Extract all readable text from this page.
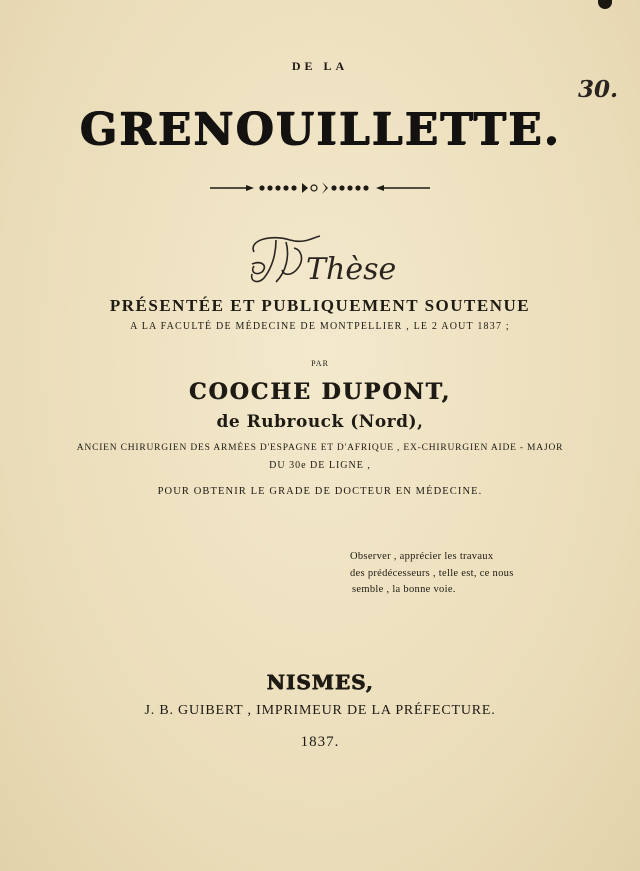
30.
DE LA
GRENOUILLETTE.
Thèse
PRÉSENTÉE ET PUBLIQUEMENT SOUTENUE
A LA FACULTÉ DE MÉDECINE DE MONTPELLIER , LE 2 AOUT 1837 ;
PAR
COOCHE DUPONT,
de Rubrouck (Nord),
ANCIEN CHIRURGIEN DES ARMÉES D'ESPAGNE ET D'AFRIQUE , EX-CHIRURGIEN AIDE - MAJOR
DU 30e DE LIGNE ,
POUR OBTENIR LE GRADE DE DOCTEUR EN MÉDECINE.
Observer , apprécier les travaux
des prédécesseurs , telle est, ce nous
semble , la bonne voie.
NISMES,
J. B. GUIBERT , IMPRIMEUR DE LA PRÉFECTURE.
1837.
